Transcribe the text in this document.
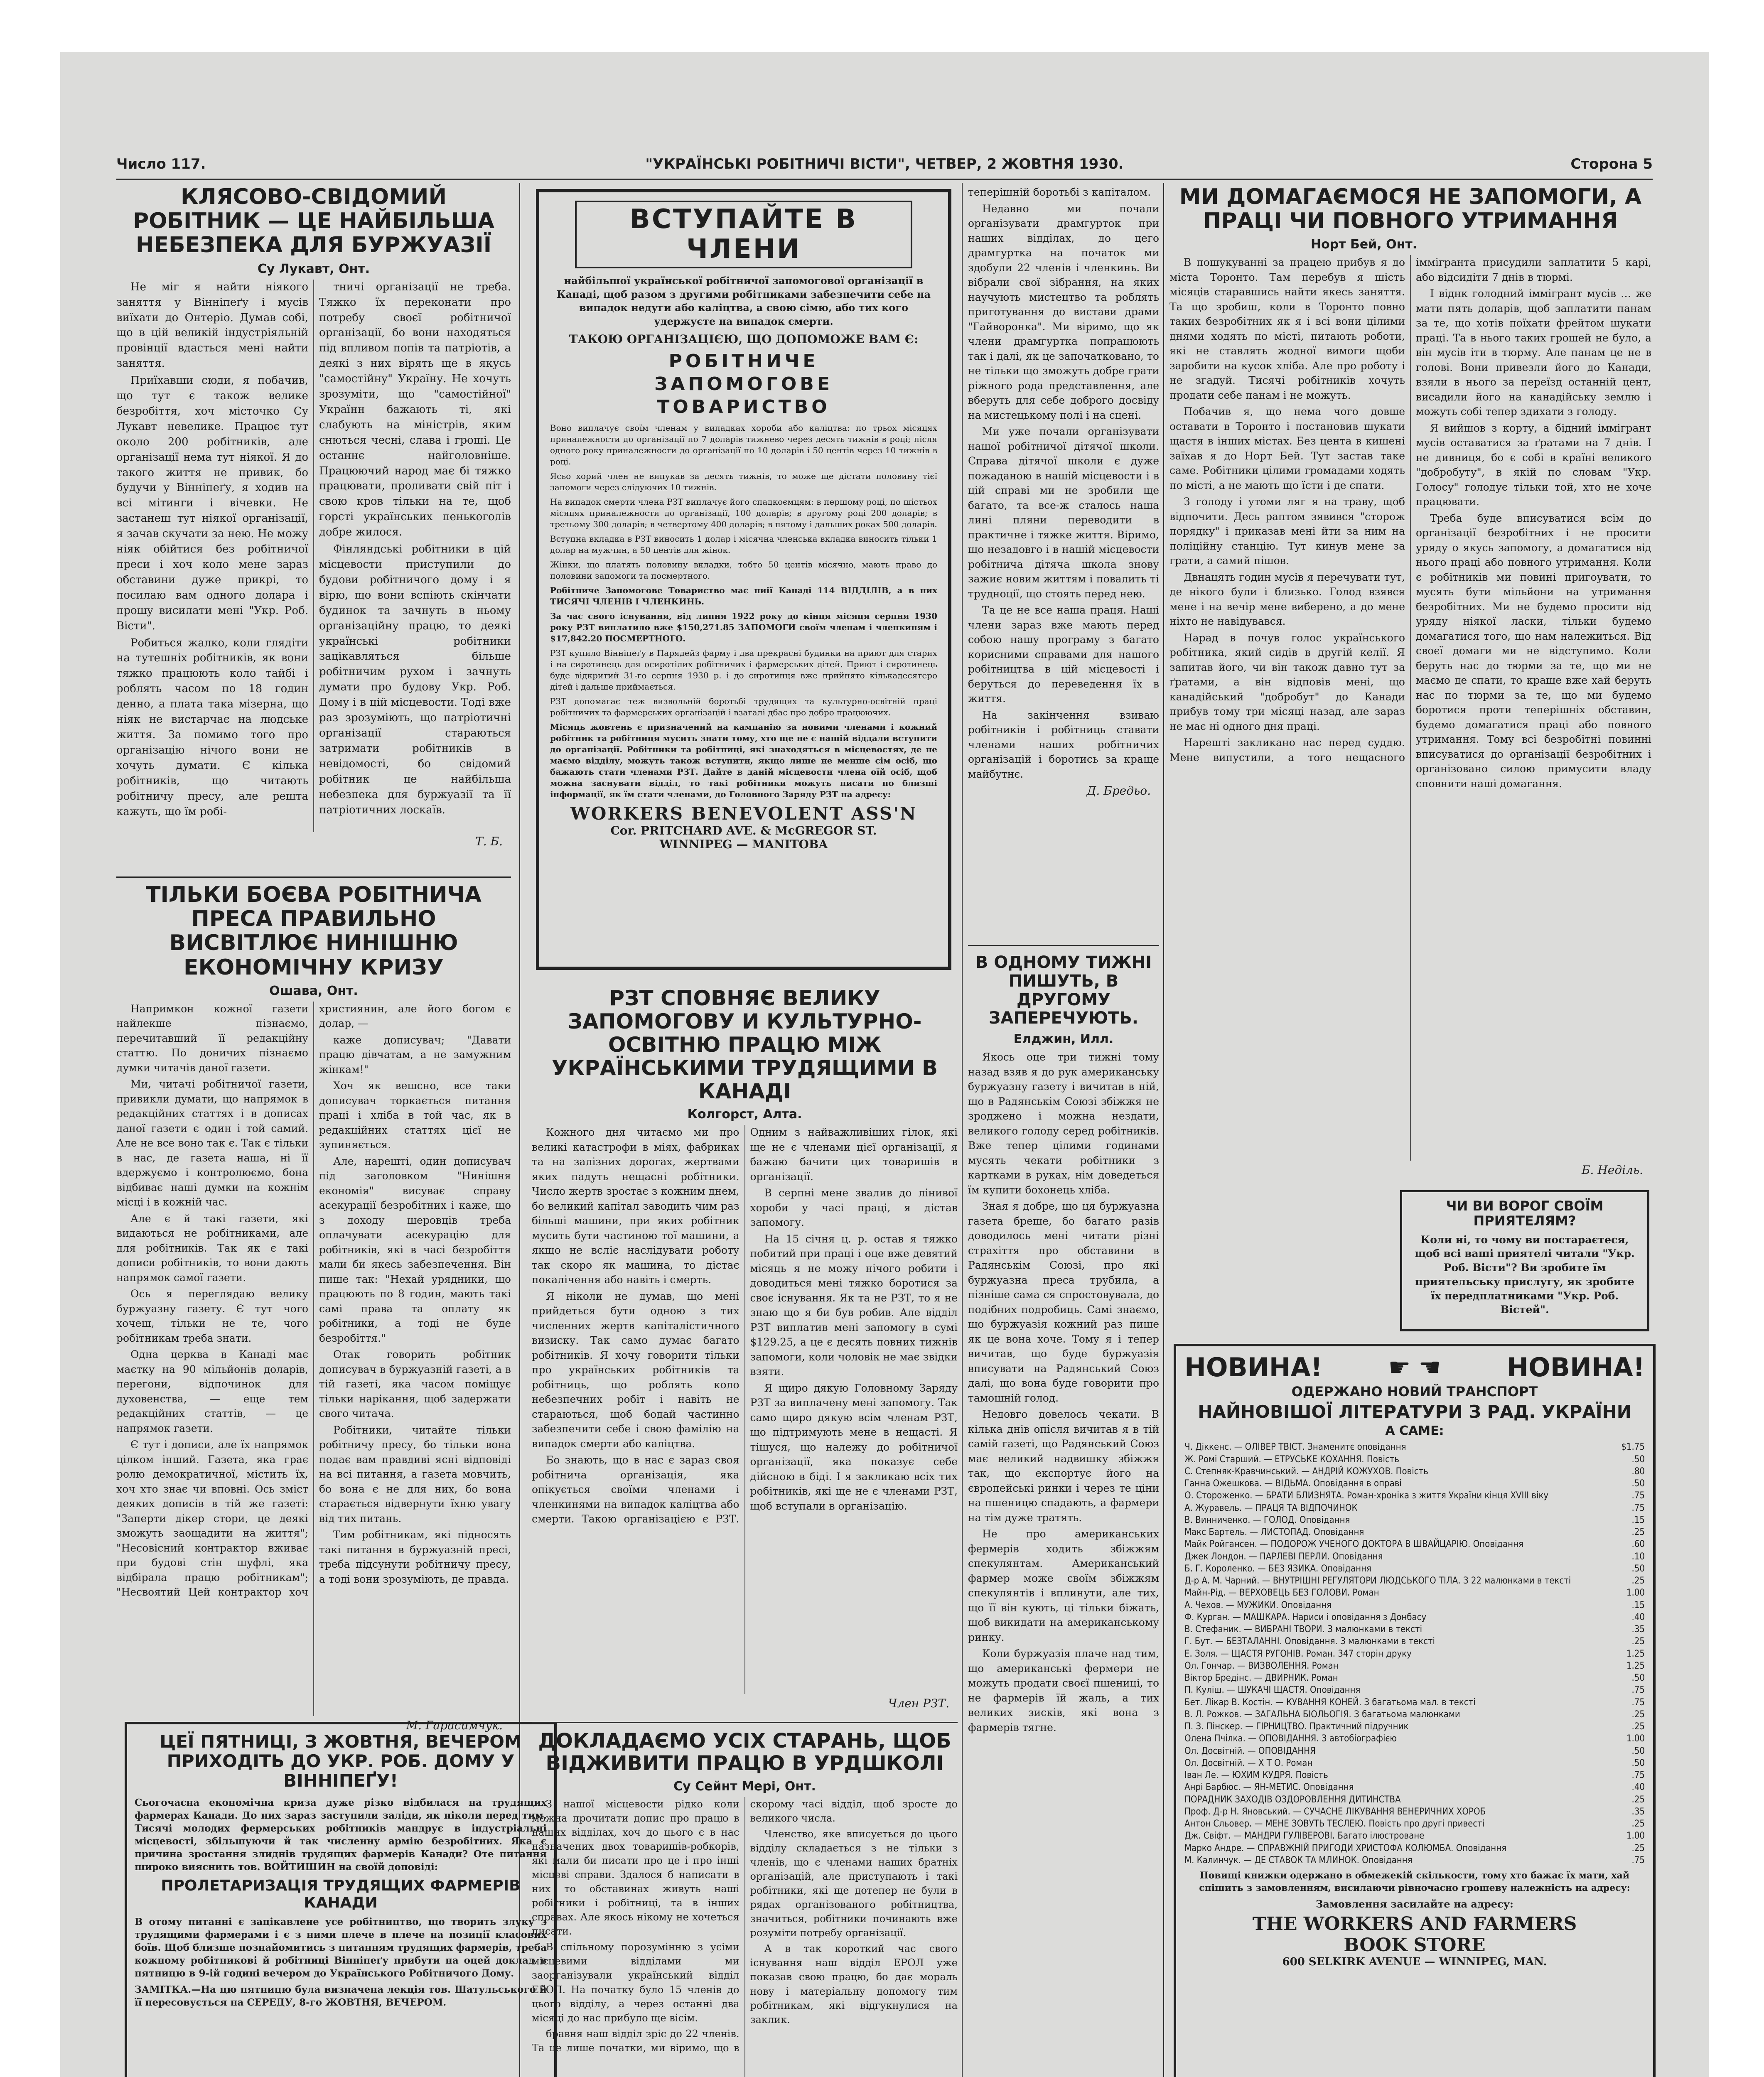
Число 117.	"УКРАЇНСЬКІ РОБІТНИЧІ ВІСТИ", ЧЕТВЕР, 2 ЖОВТНЯ 1930.	Сторона 5
КЛЯСОВО-СВІДОМИЙ РОБІТНИК — ЦЕ НАЙБІЛЬША НЕБЕЗПЕКА ДЛЯ БУРЖУАЗІЇ
Су Лукавт, Онт.

Не міг я найти ніякого заняття у Вінніпеґу і мусів виїхати до Онтеріо. Думав собі, що в цій великій індустріяльній провінції вдасться мені найти заняття.

Приїхавши сюди, я побачив, що тут є також велике безробіття, хоч місточко Су Лукавт невелике. Працює тут около 200 робітників, але організації нема тут ніякої. Я до такого життя не привик, бо будучи у Вінніпеґу, я ходив на всі мітинги і вічевки. Не застанеш тут ніякої організації, я зачав скучати за нею. Не можу ніяк обійтися без робітничої преси і хоч коло мене зараз обставини дуже прикрі, то посилаю вам одного долара і прошу висилати мені "Укр. Роб. Вісти".

Робиться жалко, коли глядіти на тутешніх робітників, як вони тяжко працюють коло тайбі і роблять часом по 18 годин денно, а плата така мізерна, що ніяк не вистарчає на людське життя. За помимо того про організацію нічого вони не хочуть думати. Є кілька робітників, що читають робітничу пресу, але решта кажуть, що їм робі-

тничі організації не треба. Тяжко їх переконати про потребу своєї робітничої організації, бо вони находяться під впливом попів та патріотів, а деякі з них вірять ще в якусь "самостійну" Україну. Не хочуть зрозуміти, що "самостійної" Українн бажають ті, які слабують на міністрів, яким снються чесні, слава і гроші. Це останнє найголовніше. Працюючий народ має бі тяжко працювати, проливати свій піт і свою кров тільки на те, щоб горсті українських пенькоголів добре жилося.

Фінляндські робітники в цій місцевости приступили до будови робітничого дому і я вірю, що вони вспіють скінчати будинок та зачнуть в ньому організаційну працю, то деякі українські робітники зацікавляться більше робітничим рухом і зачнуть думати про будову Укр. Роб. Дому і в цій місцевости. Тоді вже раз зрозуміють, що патріотичні організації стараються затримати робітників в невідомості, бо свідомий робітник це найбільша небезпека для буржуазії та її патріотичних лоскаїв.

Т. Б.
ТІЛЬКИ БОЄВА РОБІТНИЧА ПРЕСА ПРАВИЛЬНО ВИСВІТЛЮЄ НИНІШНЮ ЕКОНОМІЧНУ КРИЗУ
Ошава, Онт.

Напримкон кожної газети найлекше пізнаємо, перечитавший її редакційну статтю. По доничих пізнаємо думки читачів даної газети.

Ми, читачі робітничої газети, привикли думати, що напрямок в редакційних статтях і в дописах даної газети є один і той самий. Але не все воно так є. Так є тільки в нас, де газета наша, ні її вдержуємо і контролюємо, бона відбиває наші думки на кожнім місці і в кожній час.

Але є й такі газети, які видаються не робітниками, але для робітників. Так як є такі дописи робітників, то вони дають напрямок самої газети.

Ось я переглядаю велику буржуазну газету. Є тут чого хочеш, тільки не те, чого робітникам треба знати.

Одна церква в Канаді має маєтку на 90 мільйонів доларів, перегони, відпочинок для духовенства, — еще тем редакційних статтів, — це напрямок газети.

Є тут і дописи, але їх напрямок цілком інший. Газета, яка грає ролю демократичної, містить їх, хоч хто знає чи вповні. Ось зміст деяких дописів в тій же газеті: "Заперти дікер стори, це деякі зможуть заощадити на життя"; "Несовісний контрактор вживає при будові стін шуфлі, яка відбірала працю робітникам"; "Несвоятий Цей контрактор хоч християнин, але його богом є долар, —

каже дописувач; "Давати працю дівчатам, а не замужним жінкам!"

Хоч як вешсно, все таки дописувач торкається питання праці і хліба в той час, як в редакційних статтях цієї не зупиняється.

Але, нарешті, один дописувач під заголовком "Нинішня економія" висуває справу асекурації безробітних і каже, що з доходу шеровців треба оплачувати асекурацію для робітників, які в часі безробіття мали би якесь забезпечення. Він пише так: "Нехай урядники, що працюють по 8 годин, мають такі самі права та оплату як робітники, а тоді не буде безробіття."

Отак говорить робітник дописувач в буржуазній газеті, а в тій газеті, яка часом поміщує тільки нарікання, щоб задержати свого читача.

Робітники, читайте тільки робітничу пресу, бо тільки вона подає вам правдиві ясні відповіді на всі питання, а газета мовчить, бо вона є не для них, бо вона старається відвернути їхню увагу від тих питань.

Тим робітникам, які підносять такі питання в буржуазній пресі, треба підсунути робітничу пресу, а тоді вони зрозуміють, де правда.

М. Гарасимчук.
ЦЕЇ ПЯТНИЦІ, З ЖОВТНЯ, ВЕЧЕРОМ ПРИХОДІТЬ ДО УКР. РОБ. ДОМУ У ВІННІПЕҐУ!

Сьогочасна економічна криза дуже різко відбилася на трудящих фармерах Канади. До них зараз заступили заліди, як ніколи перед тим. Тисячі молодих фермерських робітників мандрує в індустріальні місцевості, збільшуючи й так численну армію безробітних. Яка є причина зростання злиднів трудящих фармерів Канади? Оте питання широко вияснить тов. ВОЙТИШИН на своїй доповіді:

ПРОЛЕТАРИЗАЦІЯ ТРУДЯЩИХ ФАРМЕРІВ КАНАДИ

В отому питанні є зацікавлене усе робітництво, що творить злуку з трудящими фармерами і є з ними плече в плече на позиції класових боїв. Щоб близше познайомитись з питанням трудящих фармерів, треба кожному робітникові й робітниці Вінніпеґу прибути на оцей доклад в пятницю в 9-ій годині вечером до Українського Робітничого Дому.

ЗАМІТКА.—На цю пятницю була визначена лекція тов. Шатульського й її пересовується на СЕРЕДУ, 8-го ЖОВТНЯ, ВЕЧЕРОМ.

ВСТУПАЙТЕ В ЧЛЕНИ

найбільшої української робітничої запомогової організації в Канаді, щоб разом з другими робітниками забезпечити себе на випадок недуги або каліцтва, а свою сімю, або тих кого удержуєте на випадок смерти.

ТАКОЮ ОРГАНІЗАЦІЄЮ, ЩО ДОПОМОЖЕ ВАМ Є:

РОБІТНИЧЕ
ЗАПОМОГОВЕ
ТОВАРИСТВО

Воно виплачує своїм членам у випадках хороби або каліцтва: по трьох місяцях приналежности до організації по 7 доларів тижнево через десять тижнів в році; після одного року приналежности до організації по 10 доларів і 50 центів через 10 тижнів в році.

Ясьо хорий член не випукав за десять тижнів, то може ще дістати половину тієї запомоги через слідуючих 10 тижнів.

На випадок смерти члена РЗТ виплачує його спадкоємцям: в першому році, по шістьох місяцях приналежности до організації, 100 доларів; в другому році 200 доларів; в третьому 300 доларів; в четвертому 400 доларів; в пятому і дальших роках 500 доларів.

Вступна вкладка в РЗТ виносить 1 долар і місячна членська вкладка виносить тільки 1 долар на мужчин, а 50 центів для жінок.

Жінки, що платять половину вкладки, тобто 50 центів місячно, мають право до половини запомоги та посмертного.

Робітниче Запомогове Товариство має ниії Канаді 114 ВІДДІЛІВ, а в них ТИСЯЧІ ЧЛЕНІВ І ЧЛЕНКИНЬ.

За час свого існування, від липня 1922 року до кінця місяця серпня 1930 року РЗТ виплатило вже $150,271.85 ЗАПОМОГИ своїм членам і членкиням і $17,842.20 ПОСМЕРТНОГО.

РЗТ купило Вінніпеґу в Парядейз фарму і два прекрасні будинки на приют для старих і на сиротинець для осиротілих робітничих і фармерських дітей. Приют і сиротинець буде відкритий 31-го серпня 1930 р. і до сиротинця вже прийнято кількадесятеро дітей і дальше приймається.

РЗТ допомагає теж визвольній боротьбі трудящих та культурно-освітній праці робітничих та фармерських організацій і взагалі дбає про добро працюючих.

Місяць жовтень є призначений на кампанію за новими членами і кожний робітник та робітниця мусить знати тому, хто ще не є нашій віддали вступити до організації. Робітники та робітниці, які знаходяться в місцевостях, де не маємо відділу, можуть також вступити, якщо лише не менше сім осіб, що бажають стати членами РЗТ. Дайте в даній місцевости члена оїй осіб, щоб можна заснувати відділ, то такі робітники можуть писати по близші інформації, як їм стати членами, до Головного Заряду РЗТ на адресу:

WORKERS BENEVOLENT ASS'N
Cor. PRITCHARD AVE. & McGREGOR ST.
WINNIPEG — MANITOBA
РЗТ СПОВНЯЄ ВЕЛИКУ ЗАПОМОГОВУ И КУЛЬТУРНО-ОСВІТНЮ ПРАЦЮ МІЖ УКРАЇНСЬКИМИ ТРУДЯЩИМИ В КАНАДІ
Колгорст, Алта.

Кожного дня читаємо ми про великі катастрофи в міях, фабриках та на залізних дорогах, жертвами яких падуть нещасні робітники. Число жертв зростає з кожним днем, бо великий капітал заводить чим раз більші машини, при яких робітник мусить бути частиною тої машини, а якщо не всліє наслідувати роботу так скоро як машина, то дістає покалічення або навіть і смерть.

Я ніколи не думав, що мені прийдеться бути одною з тих численних жертв капіталістичного визиску. Так само думає багато робітників. Я хочу говорити тільки про українських робітників та робітниць, що роблять коло небезпечних робіт і навіть не стараються, щоб бодай частинно забезпечити себе і свою фамілію на випадок смерти або каліцтва.

Бо знають, що в нас є зараз своя робітнича організація, яка опікується своїми членами і членкинями на випадок каліцтва або смерти. Такою організацією є РЗТ. Одним з найважливіших гілок, які ще не є членами цієї організації, я бажаю бачити цих товаришів в організації.

В серпні мене звалив до лінивої хороби у часі праці, я дістав запомогу.

На 15 січня ц. р. остав я тяжко побитий при праці і оце вже девятий місяць я не можу нічого робити і доводиться мені тяжко боротися за своє існування. Як та не РЗТ, то я не знаю що я би був робив. Але відділ РЗТ виплатив мені запомогу в сумі $129.25, а це є десять повних тижнів запомоги, коли чоловік не має звідки взяти.

Я щиро дякую Головному Заряду РЗТ за виплачену мені запомогу. Так само щиро дякую всім членам РЗТ, що підтримують мене в нещасті. Я тішуся, що належу до робітничої організації, яка показує себе дійсною в біді. І я закликаю всіх тих робітників, які ще не є членами РЗТ, щоб вступали в організацію.

Член РЗТ.
ДОКЛАДАЄМО УСІХ СТАРАНЬ, ЩОБ ВІДЖИВИТИ ПРАЦЮ В УРДШКОЛІ
Су Сейнт Мері, Онт.

З нашої місцевости рідко коли можна прочитати допис про працю в наших відділах, хоч до цього є в нас назначених двох товаришів-робкорів, які мали би писати про це і про інші місцеві справи. Здалося б написати в них то обставинах живуть наші робітники і робітниці, та в інших справах. Але якось нікому не хочеться писати.

В спільному порозумінню з усіми місцевими відділами ми заорганізували український відділ ЕРОЛ. На початку було 15 членів до цього відділу, а через останні два місяці до нас прибуло ще вісім.

бравня наш відділ зріс до 22 членів. Та це лише початки, ми віримо, що в скорому часі відділ, щоб зросте до великого числа.

Членство, яке вписується до цього відділу складається з не тільки з членів, що є членами наших братніх організацій, але приступають і такі робітники, які ще дотепер не були в рядах організованого робітництва, значиться, робітники починають вже розуміти потребу організації.

А в так короткий час свого існування наш відділ ЕРОЛ уже показав свою працю, бо дає мораль нову і матеріальну допомогу тим робітникам, які відгукнулися на заклик.

теперішній боротьбі з капіталом.

Недавно ми почали організувати драмгурток при наших відділах, до цего драмгуртка на початок ми здобули 22 членів і членкинь. Ви вібрали свої зібрання, на яких научують мистецтво та роблять приготування до вистави драми "Гайворонка". Ми віримо, що як члени драмгуртка попрацюють так і далі, як це започатковано, то не тільки що зможуть добре грати ріжного рода представлення, але вберуть для себе доброго досвіду на мистецькому полі і на сцені.

Ми уже почали організувати нашої робітничої дітячої школи. Справа дітячої школи є дуже пожаданою в нашій місцевости і в цій справі ми не зробили ще багато, та все-ж сталось наша лині пляни переводити в практичне і тяжке життя. Віримо, що незадовго і в нашій місцевости робітнича дітяча школа знову зажиє новим життям і повалить ті трудноції, що стоять перед нею.

Та це не все наша праця. Наші члени зараз вже мають перед собою нашу програму з багато корисними справами для нашого робітництва в цій місцевості і беруться до переведення їх в життя.

На закінчення взиваю робітників і робітниць ставати членами наших робітничих організацій і боротись за краще майбутнє.

Д. Бредьо.
В ОДНОМУ ТИЖНІ ПИШУТЬ, В ДРУГОМУ ЗАПЕРЕЧУЮТЬ.
Елджин, Илл.

Якось оце три тижні тому назад взяв я до рук американську буржуазну газету і вичитав в ній, що в Радянськім Союзі збіжжя не зроджено і можна нездати, великого голоду серед робітників. Вже тепер цілими годинами мусять чекати робітники з картками в руках, нім доведеться їм купити бохонець хліба.

Зная я добре, що ця буржуазна газета бреше, бо багато разів доводилось мені читати різні страхіття про обставини в Радянськім Союзі, про які буржуазна преса трубила, а пізніше сама ся спростовувала, до подібних подробиць. Самі знаємо, що буржуазія кожний раз пише як це вона хоче. Тому я і тепер вичитав, що буде буржуазія вписувати на Радянський Союз далі, що вона буде говорити про тамошній голод.

Недовго довелось чекати. В кілька днів опісля вичитав я в тій самій газеті, що Радянський Союз має великий надвишку збіжжя так, що експортує його на європейські ринки і через те ціни на пшеницю спадають, а фармери на тім дуже тратять.

Не про американських фермерів ходить збіжжям спекулянтам. Американський фармер може своїм збіжжям спекулянтів і вплинути, але тих, що її він кують, ці тільки біжать, щоб викидати на американському ринку.

Коли буржуазія плаче над тим, що американські фермери не можуть продати своєї пшениці, то не фармерів їй жаль, а тих великих зисків, які вона з фармерів тягне.

МИ ДОМАГАЄМОСЯ НЕ ЗАПОМОГИ, А ПРАЦІ ЧИ ПОВНОГО УТРИМАННЯ
Норт Бей, Онт.

В пошукуванні за працею прибув я до міста Торонто. Там перебув я шість місяців старавшись найти якесь заняття. Та що зробиш, коли в Торонто повно таких безробітних як я і всі вони цілими днями ходять по місті, питають роботи, які не ставлять жодної вимоги щоби заробити на кусок хліба. Але про роботу і не згадуй. Тисячі робітників хочуть продати себе панам і не можуть.

Побачив я, що нема чого довше оставати в Торонто і постановив шукати щастя в інших містах. Без цента в кишені заїхав я до Норт Бей. Тут застав таке саме. Робітники цілими громадами ходять по місті, а не мають що їсти і де спати.

З голоду і утоми ляг я на траву, щоб відпочити. Десь раптом зявився "сторож порядку" і приказав мені йти за ним на поліційну станцію. Тут кинув мене за грати, а самий пішов.

Двнацять годин мусів я перечувати тут, де нікого були і близько. Голод взявся мене і на вечір мене виберено, а до мене ніхто не навідувався.

Нарад в почув голос українського робітника, який сидів в другій келії. Я запитав його, чи він також давно тут за ґратами, а він відповів мені, що канадійський "добробут" до Канади прибув тому три місяці назад, але зараз не має ні одного дня праці.

Нарешті закликано нас перед суддю. Мене випустили, а того нещасного іммігранта присудили заплатити 5 карі, або відсидіти 7 днів в тюрмі.

І віднк голодний іммігрант мусів … же мати пять доларів, щоб заплатити панам за те, що хотів поїхати фрейтом шукати праці. Та в нього таких грошей не було, а він мусів іти в тюрму. Але панам це не в голові. Вони привезли його до Канади, взяли в нього за переїзд останній цент, висадили його на канадійську землю і можуть собі тепер здихати з голоду.

Я вийшов з корту, а бідний іммігрант мусів оставатися за ґратами на 7 днів. І не дивниця, бо є собі в країні великого "добробуту", в якій по словам "Укр. Голосу" голодує тільки той, хто не хоче працювати.

Треба буде вписуватися всім до організації безробітних і не просити уряду о якусь запомогу, а домагатися від нього праці або повного утримання. Коли є робітників ми повині пригоувати, то мусять бути мільйони на утримання безробітних. Ми не будемо просити від уряду ніякої ласки, тільки будемо домагатися того, що нам належиться. Від своєї домаги ми не відступимо. Коли беруть нас до тюрми за те, що ми не маємо де спати, то краще вже хай беруть нас по тюрми за те, що ми будемо боротися проти теперішніх обставин, будемо домагатися праці або повного утримання. Тому всі безробітні повинні вписуватися до організації безробітних і організовано силою примусити владу сповнити наші домагання.

Б. Неділь.
ЧИ ВИ ВОРОГ СВОЇМ ПРИЯТЕЛЯМ?

Коли ні, то чому ви постараєтеся, щоб всі ваші приятелі читали "Укр. Роб. Вісти"? Ви зробите їм приятельську прислугу, як зробите їх передплатниками "Укр. Роб. Вістей".

НОВИНА!	☛ ☚	НОВИНА!
ОДЕРЖАНО НОВИЙ ТРАНСПОРТ
НАЙНОВІШОЇ ЛІТЕРАТУРИ З РАД. УКРАЇНИ
А САМЕ:
Ч. Діккенс. — ОЛІВЕР ТВІСТ. Знаменитє оповідання	$1.75
Ж. Ромі Старший. — ЕТРУСЬКЕ КОХАННЯ. Повість	.50
С. Степняк-Кравчинський. — АНДРІЙ КОЖУХОВ. Повість	.80
Ганна Ожешкова. — ВІДЬМА. Оповідання в оправі	.50
О. Стороженко. — БРАТИ БЛИЗНЯТА. Роман-хроніка з життя України кінця XVIII віку	.75
А. Журавель. — ПРАЦЯ ТА ВІДПОЧИНОК	.75
В. Винниченко. — ГОЛОД. Оповідання	.15
Макс Бартель. — ЛИСТОПАД. Оповідання	.25
Майк Ройгансен. — ПОДОРОЖ УЧЕНОГО ДОКТОРА В ШВАЙЦАРІЮ. Оповідання	.60
Джек Лондон. — ПАРЛЕВІ ПЕРЛИ. Оповідання	.10
Б. Г. Короленко. — БЕЗ ЯЗИКА. Оповідання	.50
Д-р А. М. Чарний. — ВНУТРІШНІ РЕГУЛЯТОРИ ЛЮДСЬКОГО ТІЛА. З 22 малюнками в тексті	.25
Майн-Рід. — ВЕРХОВЕЦЬ БЕЗ ГОЛОВИ. Роман	1.00
А. Чехов. — МУЖИКИ. Оповідання	.15
Ф. Курган. — МАШКАРА. Нариси і оповідання з Донбасу	.40
В. Стефаник. — ВИБРАНІ ТВОРИ. З малюнками в тексті	.35
Г. Бут. — БЕЗТАЛАННІ. Оповідання. З малюнками в тексті	.25
Е. Золя. — ЩАСТЯ РУГОНІВ. Роман. 347 сторін друку	1.25
Ол. Гончар. — ВИЗВОЛЕННЯ. Роман	1.25
Віктор Бредінс. — ДВИРНИК. Роман	.50
П. Куліш. — ШУКАЧІ ЩАСТЯ. Оповідання	.75
Бет. Лікар В. Костін. — КУВАННЯ КОНЕЙ. З багатьома мал. в тексті	.75
В. Л. Рожков. — ЗАГАЛЬНА БІОЛЬОГІЯ. З багатьома малюнками	.25
П. З. Пінскер. — ГІРНИЦТВО. Практичний підручник	.25
Олена Пчілка. — ОПОВІДАННЯ. З автобіографією	1.00
Ол. Досвітній. — ОПОВІДАННЯ	.50
Ол. Досвітній. — Х Т О. Роман	.50
Іван Ле. — ЮХИМ КУДРЯ. Повість	.75
Анрі Барбюс. — ЯН-МЕТИС. Оповідання	.40
ПОРАДНИК ЗАХОДІВ ОЗДОРОВЛЕННЯ ДИТИНСТВА	.25
Проф. Д-р Н. Яновський. — СУЧАСНЕ ЛІКУВАННЯ ВЕНЕРИЧНИХ ХОРОБ	.35
Антон Сльовер. — МЕНЕ ЗОВУТЬ ТЕСЛЕЮ. Повість про другі привесті	.25
Дж. Свіфт. — МАНДРИ ГУЛІВЕРОВІ. Багато ілюстроване	1.00
Марко Андре. — СПРАВЖНІЙ ПРИГОДИ ХРИСТОФА КОЛЮМБА. Оповідання	.25
М. Калинчук. — ДЕ СТАВОК ТА МЛИНОК. Оповідання	.75

Повищі книжки одержано в обмежекій скількости, тому хто бажає їх мати, хай спішить з замовленням, висилаючи рівночасно грошеву належність на адресу:

Замовлення засилайте на адресу:
THE WORKERS AND FARMERS
BOOK STORE
600 SELKIRK AVENUE — WINNIPEG, MAN.
